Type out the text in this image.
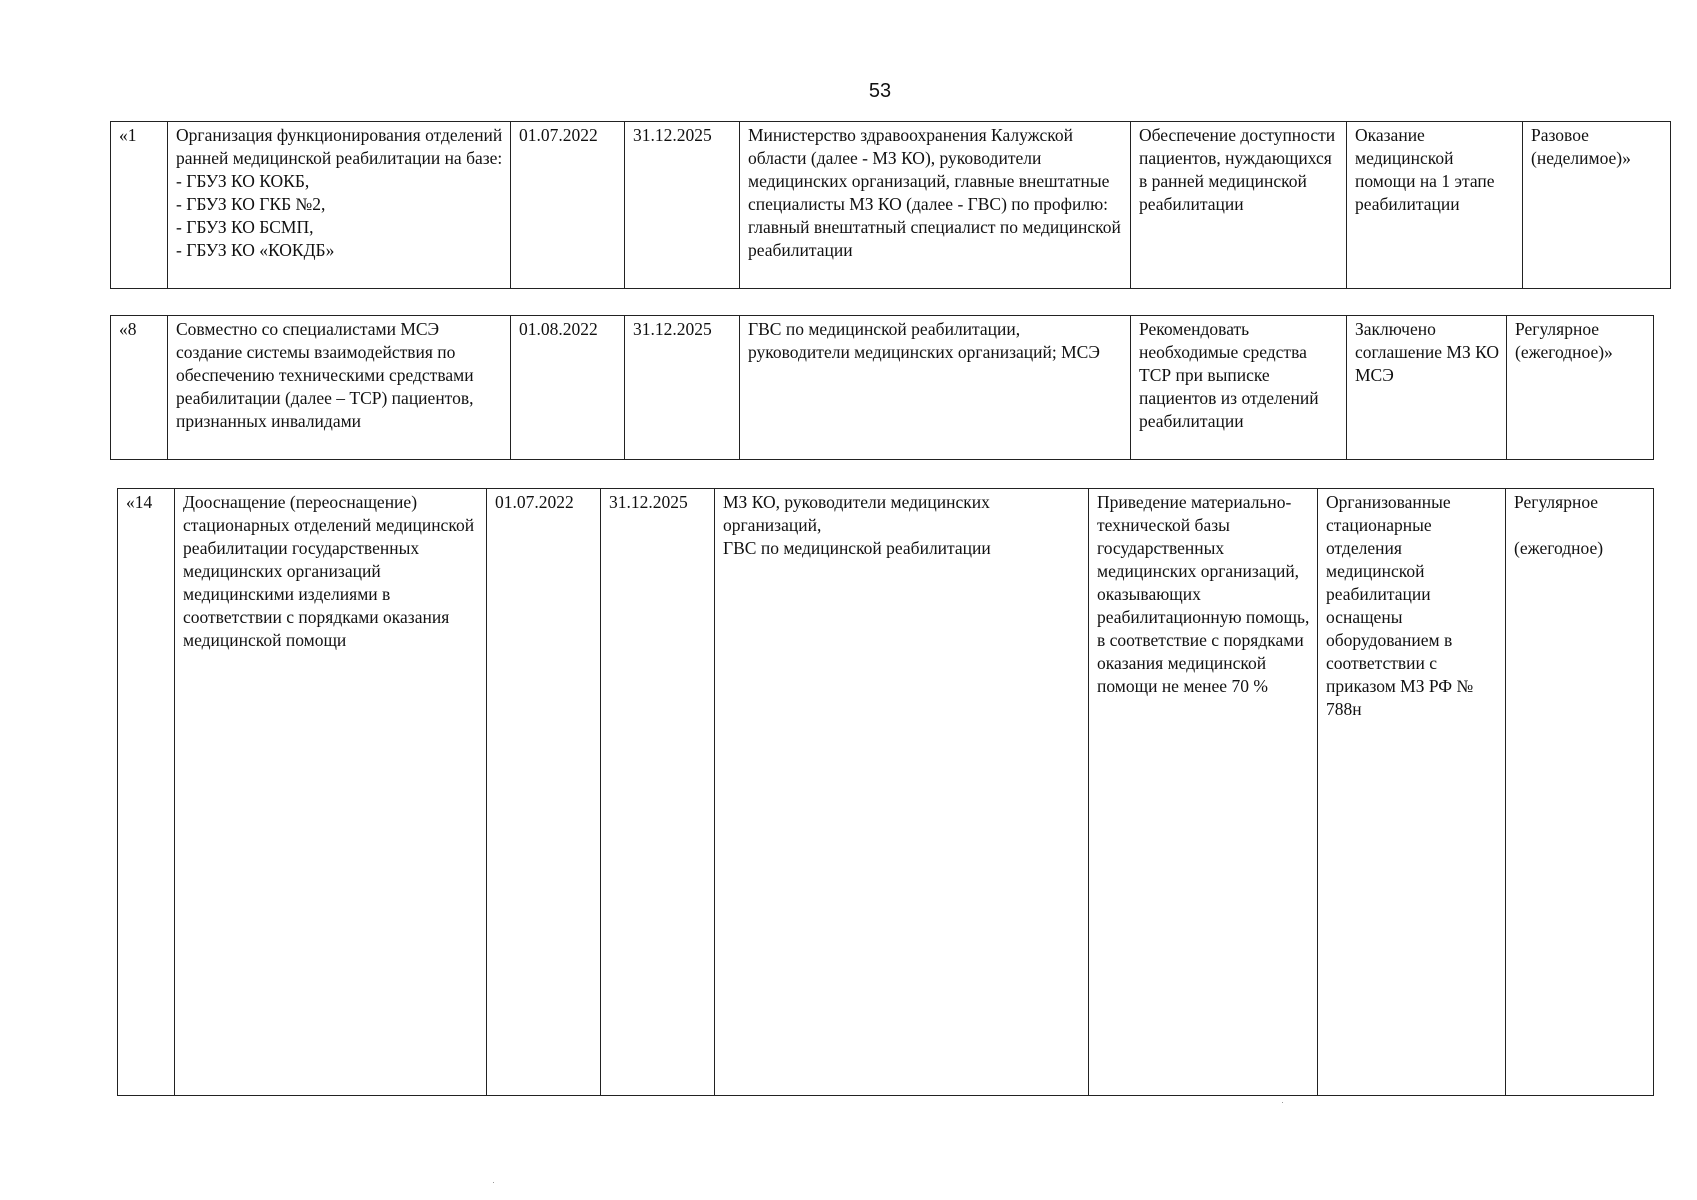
53
«1	Организация функционирования отделений ранней медицинской реабилитации на базе:
- ГБУЗ КО КОКБ,
- ГБУЗ КО ГКБ №2,
- ГБУЗ КО БСМП,
- ГБУЗ КО «КОКДБ»	01.07.2022	31.12.2025	Министерство здравоохранения Калужской области (далее - МЗ КО), руководители медицинских организаций, главные внештатные специалисты МЗ КО (далее - ГВС) по профилю: главный внештатный специалист по медицинской реабилитации	Обеспечение доступности пациентов, нуждающихся в ранней медицинской реабилитации	Оказание медицинской помощи на 1 этапе реабилитации	Разовое (неделимое)»
«8	Совместно со специалистами МСЭ создание системы взаимодействия по обеспечению техническими средствами реабилитации (далее – ТСР) пациентов, признанных инвалидами	01.08.2022	31.12.2025	ГВС по медицинской реабилитации, руководители медицинских организаций; МСЭ	Рекомендовать необходимые средства ТСР при выписке пациентов из отделений реабилитации	Заключено соглашение МЗ КО МСЭ	Регулярное (ежегодное)»
«14	Дооснащение (переоснащение) стационарных отделений медицинской реабилитации государственных медицинских организаций медицинскими изделиями в соответствии с порядками оказания медицинской помощи	01.07.2022	31.12.2025	МЗ КО, руководители медицинских организаций,
ГВС по медицинской реабилитации	Приведение материально-технической базы государственных медицинских организаций, оказывающих реабилитационную помощь, в соответствие с порядками оказания медицинской помощи не менее 70 %	Организованные стационарные отделения медицинской реабилитации оснащены оборудованием в соответствии с приказом МЗ РФ № 788н	Регулярное

(ежегодное)
